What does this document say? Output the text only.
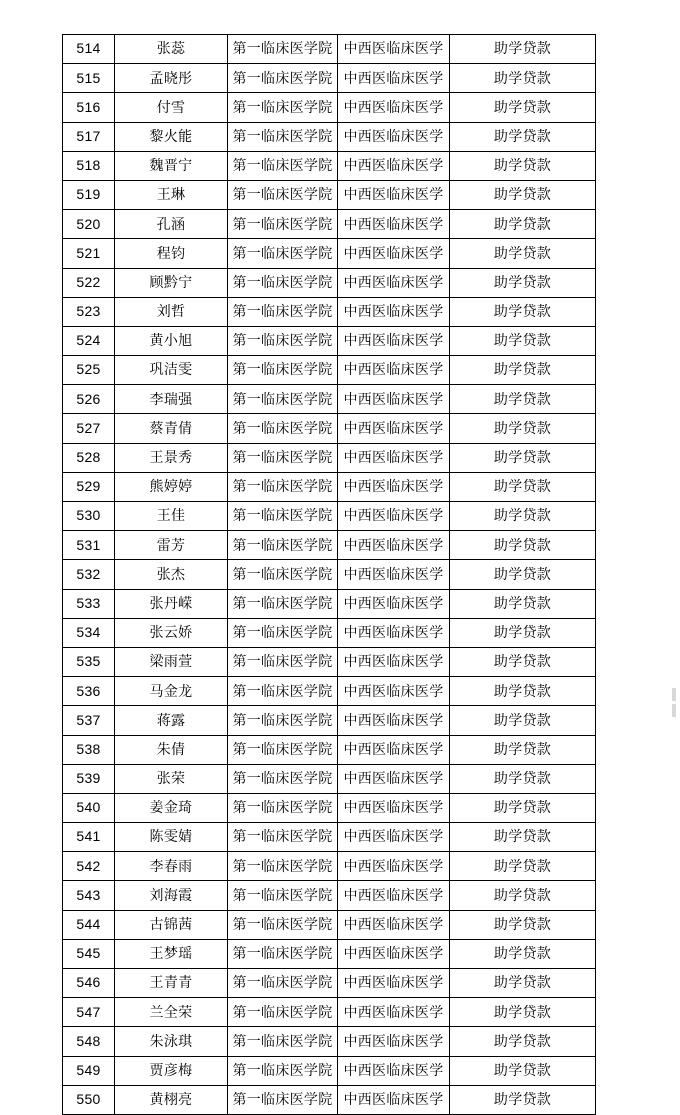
514	张蕊	第一临床医学院	中西医临床医学	助学贷款
515	孟晓彤	第一临床医学院	中西医临床医学	助学贷款
516	付雪	第一临床医学院	中西医临床医学	助学贷款
517	黎火能	第一临床医学院	中西医临床医学	助学贷款
518	魏晋宁	第一临床医学院	中西医临床医学	助学贷款
519	王琳	第一临床医学院	中西医临床医学	助学贷款
520	孔涵	第一临床医学院	中西医临床医学	助学贷款
521	程钧	第一临床医学院	中西医临床医学	助学贷款
522	顾黔宁	第一临床医学院	中西医临床医学	助学贷款
523	刘哲	第一临床医学院	中西医临床医学	助学贷款
524	黄小旭	第一临床医学院	中西医临床医学	助学贷款
525	巩洁雯	第一临床医学院	中西医临床医学	助学贷款
526	李瑞强	第一临床医学院	中西医临床医学	助学贷款
527	蔡青倩	第一临床医学院	中西医临床医学	助学贷款
528	王景秀	第一临床医学院	中西医临床医学	助学贷款
529	熊婷婷	第一临床医学院	中西医临床医学	助学贷款
530	王佳	第一临床医学院	中西医临床医学	助学贷款
531	雷芳	第一临床医学院	中西医临床医学	助学贷款
532	张杰	第一临床医学院	中西医临床医学	助学贷款
533	张丹嵘	第一临床医学院	中西医临床医学	助学贷款
534	张云娇	第一临床医学院	中西医临床医学	助学贷款
535	梁雨萱	第一临床医学院	中西医临床医学	助学贷款
536	马金龙	第一临床医学院	中西医临床医学	助学贷款
537	蒋露	第一临床医学院	中西医临床医学	助学贷款
538	朱倩	第一临床医学院	中西医临床医学	助学贷款
539	张荣	第一临床医学院	中西医临床医学	助学贷款
540	姜金琦	第一临床医学院	中西医临床医学	助学贷款
541	陈雯婧	第一临床医学院	中西医临床医学	助学贷款
542	李春雨	第一临床医学院	中西医临床医学	助学贷款
543	刘海霞	第一临床医学院	中西医临床医学	助学贷款
544	古锦茜	第一临床医学院	中西医临床医学	助学贷款
545	王梦瑶	第一临床医学院	中西医临床医学	助学贷款
546	王青青	第一临床医学院	中西医临床医学	助学贷款
547	兰全荣	第一临床医学院	中西医临床医学	助学贷款
548	朱泳琪	第一临床医学院	中西医临床医学	助学贷款
549	贾彦梅	第一临床医学院	中西医临床医学	助学贷款
550	黄栩亮	第一临床医学院	中西医临床医学	助学贷款
